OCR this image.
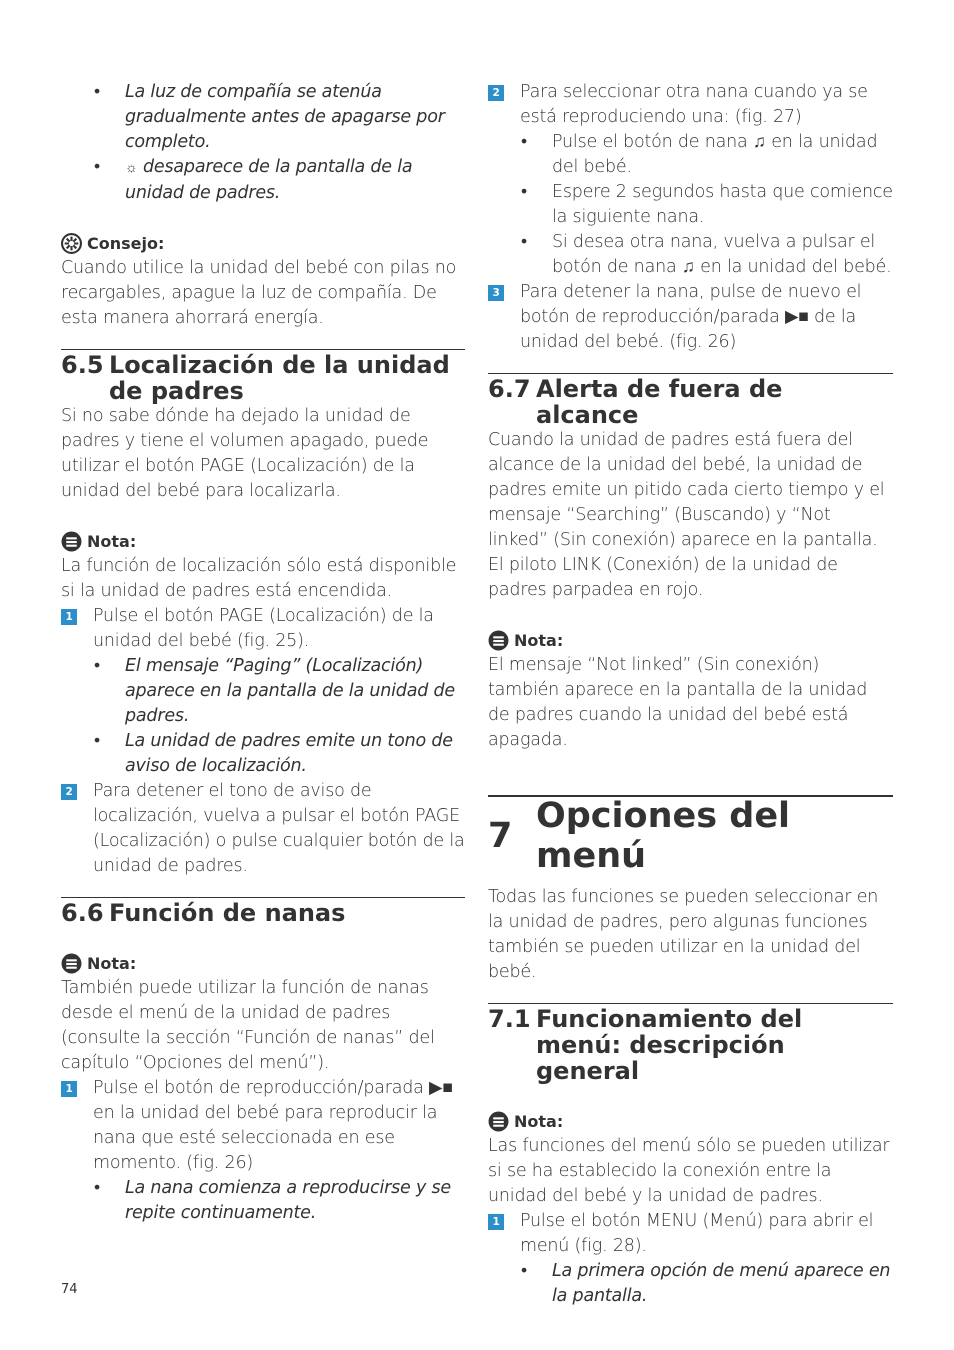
• La luz de compañía se atenúa gradualmente antes de apagarse por completo.
• ☼ desaparece de la pantalla de la unidad de padres.
Consejo:
Cuando utilice la unidad del bebé con pilas no recargables, apague la luz de compañía. De esta manera ahorrará energía.
6.5 Localización de la unidad de padres
Si no sabe dónde ha dejado la unidad de padres y tiene el volumen apagado, puede utilizar el botón PAGE (Localización) de la unidad del bebé para localizarla.
Nota:
La función de localización sólo está disponible si la unidad de padres está encendida.
1 Pulse el botón PAGE (Localización) de la unidad del bebé (fig. 25).
• El mensaje “Paging” (Localización) aparece en la pantalla de la unidad de padres.
• La unidad de padres emite un tono de aviso de localización.
2 Para detener el tono de aviso de localización, vuelva a pulsar el botón PAGE (Localización) o pulse cualquier botón de la unidad de padres.
6.6 Función de nanas
Nota:
También puede utilizar la función de nanas desde el menú de la unidad de padres (consulte la sección “Función de nanas” del capítulo “Opciones del menú”).
1 Pulse el botón de reproducción/parada ▶■ en la unidad del bebé para reproducir la nana que esté seleccionada en ese momento. (fig. 26)
• La nana comienza a reproducirse y se repite continuamente.
2 Para seleccionar otra nana cuando ya se está reproduciendo una: (fig. 27)
• Pulse el botón de nana ♫ en la unidad del bebé.
• Espere 2 segundos hasta que comience la siguiente nana.
• Si desea otra nana, vuelva a pulsar el botón de nana ♫ en la unidad del bebé.
3 Para detener la nana, pulse de nuevo el botón de reproducción/parada ▶■ de la unidad del bebé. (fig. 26)
6.7 Alerta de fuera de alcance
Cuando la unidad de padres está fuera del alcance de la unidad del bebé, la unidad de padres emite un pitido cada cierto tiempo y el mensaje “Searching” (Buscando) y “Not linked” (Sin conexión) aparece en la pantalla. El piloto LINK (Conexión) de la unidad de padres parpadea en rojo.
Nota:
El mensaje “Not linked” (Sin conexión) también aparece en la pantalla de la unidad de padres cuando la unidad del bebé está apagada.
7 Opciones del menú
Todas las funciones se pueden seleccionar en la unidad de padres, pero algunas funciones también se pueden utilizar en la unidad del bebé.
7.1 Funcionamiento del menú: descripción general
Nota:
Las funciones del menú sólo se pueden utilizar si se ha establecido la conexión entre la unidad del bebé y la unidad de padres.
1 Pulse el botón MENU (Menú) para abrir el menú (fig. 28).
• La primera opción de menú aparece en la pantalla.
74
